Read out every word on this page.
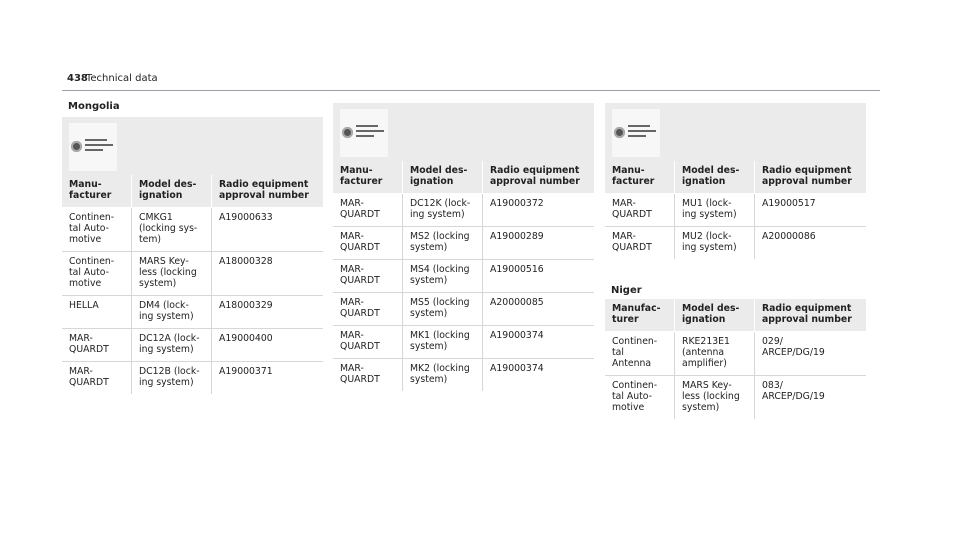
438
Technical data
Mongolia

Manu-
facturer	Model des-
ignation	Radio equipment
approval number
Continen-
tal Auto-
motive	CMKG1
(locking sys-
tem)	A19000633
Continen-
tal Auto-
motive	MARS Key-
less (locking
system)	A18000328
HELLA	DM4 (lock-
ing system)	A18000329
MAR-
QUARDT	DC12A (lock-
ing system)	A19000400
MAR-
QUARDT	DC12B (lock-
ing system)	A19000371

Manu-
facturer	Model des-
ignation	Radio equipment
approval number
MAR-
QUARDT	DC12K (lock-
ing system)	A19000372
MAR-
QUARDT	MS2 (locking
system)	A19000289
MAR-
QUARDT	MS4 (locking
system)	A19000516
MAR-
QUARDT	MS5 (locking
system)	A20000085
MAR-
QUARDT	MK1 (locking
system)	A19000374
MAR-
QUARDT	MK2 (locking
system)	A19000374

Manu-
facturer	Model des-
ignation	Radio equipment
approval number
MAR-
QUARDT	MU1 (lock-
ing system)	A19000517
MAR-
QUARDT	MU2 (lock-
ing system)	A20000086
Niger
Manufac-
turer	Model des-
ignation	Radio equipment
approval number
Continen-
tal
Antenna	RKE213E1
(antenna
amplifier)	029/
ARCEP/DG/19
Continen-
tal Auto-
motive	MARS Key-
less (locking
system)	083/
ARCEP/DG/19
